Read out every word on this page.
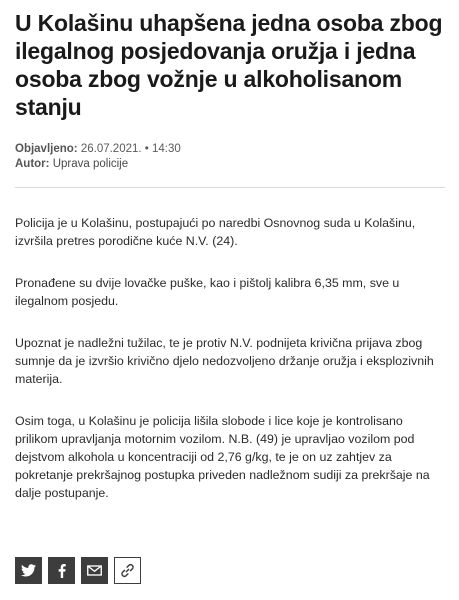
U Kolašinu uhapšena jedna osoba zbog ilegalnog posjedovanja oružja i jedna osoba zbog vožnje u alkoholisanom stanju
Objavljeno: 26.07.2021. • 14:30
Autor: Uprava policije

Policija je u Kolašinu, postupajući po naredbi Osnovnog suda u Kolašinu, izvršila pretres porodične kuće N.V. (24).

Pronađene su dvije lovačke puške, kao i pištolj kalibra 6,35 mm, sve u ilegalnom posjedu.

Upoznat je nadležni tužilac, te je protiv N.V. podnijeta krivična prijava zbog sumnje da je izvršio krivično djelo nedozvoljeno držanje oružja i eksplozivnih materija.

Osim toga, u Kolašinu je policija lišila slobode i lice koje je kontrolisano prilikom upravljanja motornim vozilom. N.B. (49) je upravljao vozilom pod dejstvom alkohola u koncentraciji od 2,76 g/kg, te je on uz zahtjev za pokretanje prekršajnog postupka priveden nadležnom sudiji za prekršaje na dalje postupanje.
